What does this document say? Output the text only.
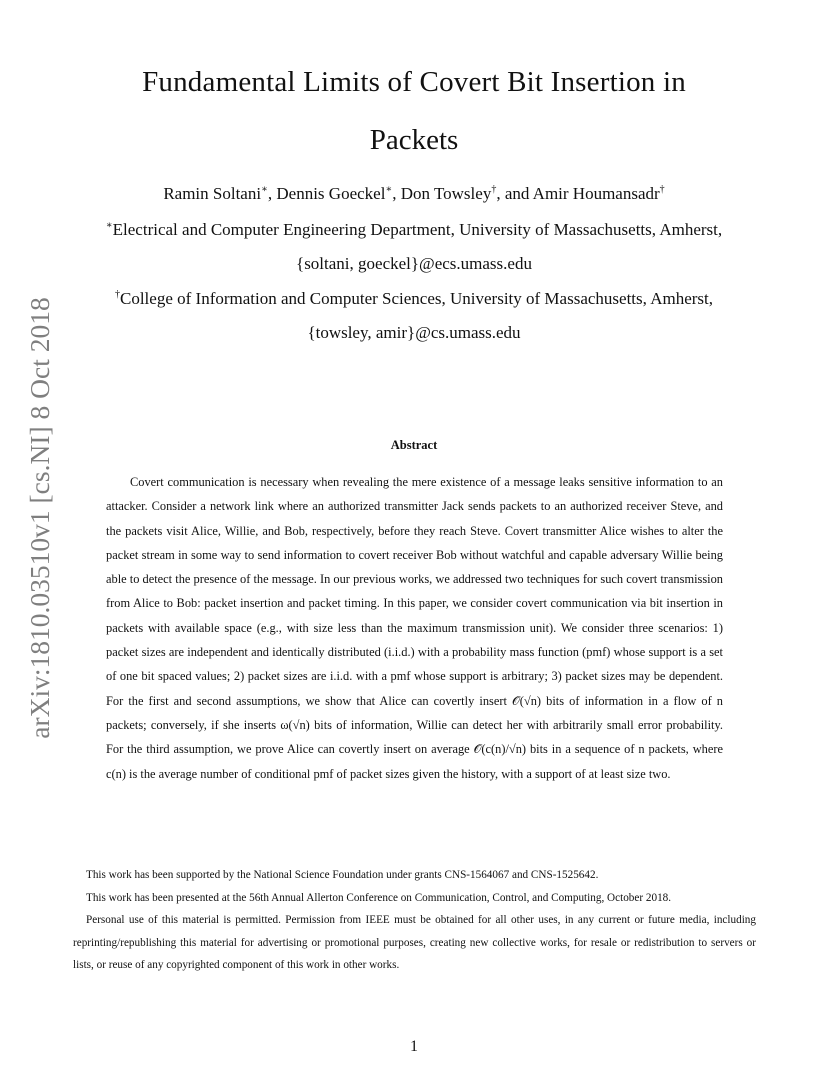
arXiv:1810.03510v1 [cs.NI] 8 Oct 2018
Fundamental Limits of Covert Bit Insertion in
Packets
Ramin Soltani∗, Dennis Goeckel∗, Don Towsley†, and Amir Houmansadr†
∗Electrical and Computer Engineering Department, University of Massachusetts, Amherst,
{soltani, goeckel}@ecs.umass.edu
†College of Information and Computer Sciences, University of Massachusetts, Amherst,
{towsley, amir}@cs.umass.edu
Abstract

Covert communication is necessary when revealing the mere existence of a message leaks sensitive information to an attacker. Consider a network link where an authorized transmitter Jack sends packets to an authorized receiver Steve, and the packets visit Alice, Willie, and Bob, respectively, before they reach Steve. Covert transmitter Alice wishes to alter the packet stream in some way to send information to covert receiver Bob without watchful and capable adversary Willie being able to detect the presence of the message. In our previous works, we addressed two techniques for such covert transmission from Alice to Bob: packet insertion and packet timing. In this paper, we consider covert communication via bit insertion in packets with available space (e.g., with size less than the maximum transmission unit). We consider three scenarios: 1) packet sizes are independent and identically distributed (i.i.d.) with a probability mass function (pmf) whose support is a set of one bit spaced values; 2) packet sizes are i.i.d. with a pmf whose support is arbitrary; 3) packet sizes may be dependent. For the first and second assumptions, we show that Alice can covertly insert 𝒪(√n) bits of information in a flow of n packets; conversely, if she inserts ω(√n) bits of information, Willie can detect her with arbitrarily small error probability. For the third assumption, we prove Alice can covertly insert on average 𝒪(c(n)/√n) bits in a sequence of n packets, where c(n) is the average number of conditional pmf of packet sizes given the history, with a support of at least size two.

This work has been supported by the National Science Foundation under grants CNS-1564067 and CNS-1525642.

This work has been presented at the 56th Annual Allerton Conference on Communication, Control, and Computing, October 2018.

Personal use of this material is permitted. Permission from IEEE must be obtained for all other uses, in any current or future media, including reprinting/republishing this material for advertising or promotional purposes, creating new collective works, for resale or redistribution to servers or lists, or reuse of any copyrighted component of this work in other works.

1
